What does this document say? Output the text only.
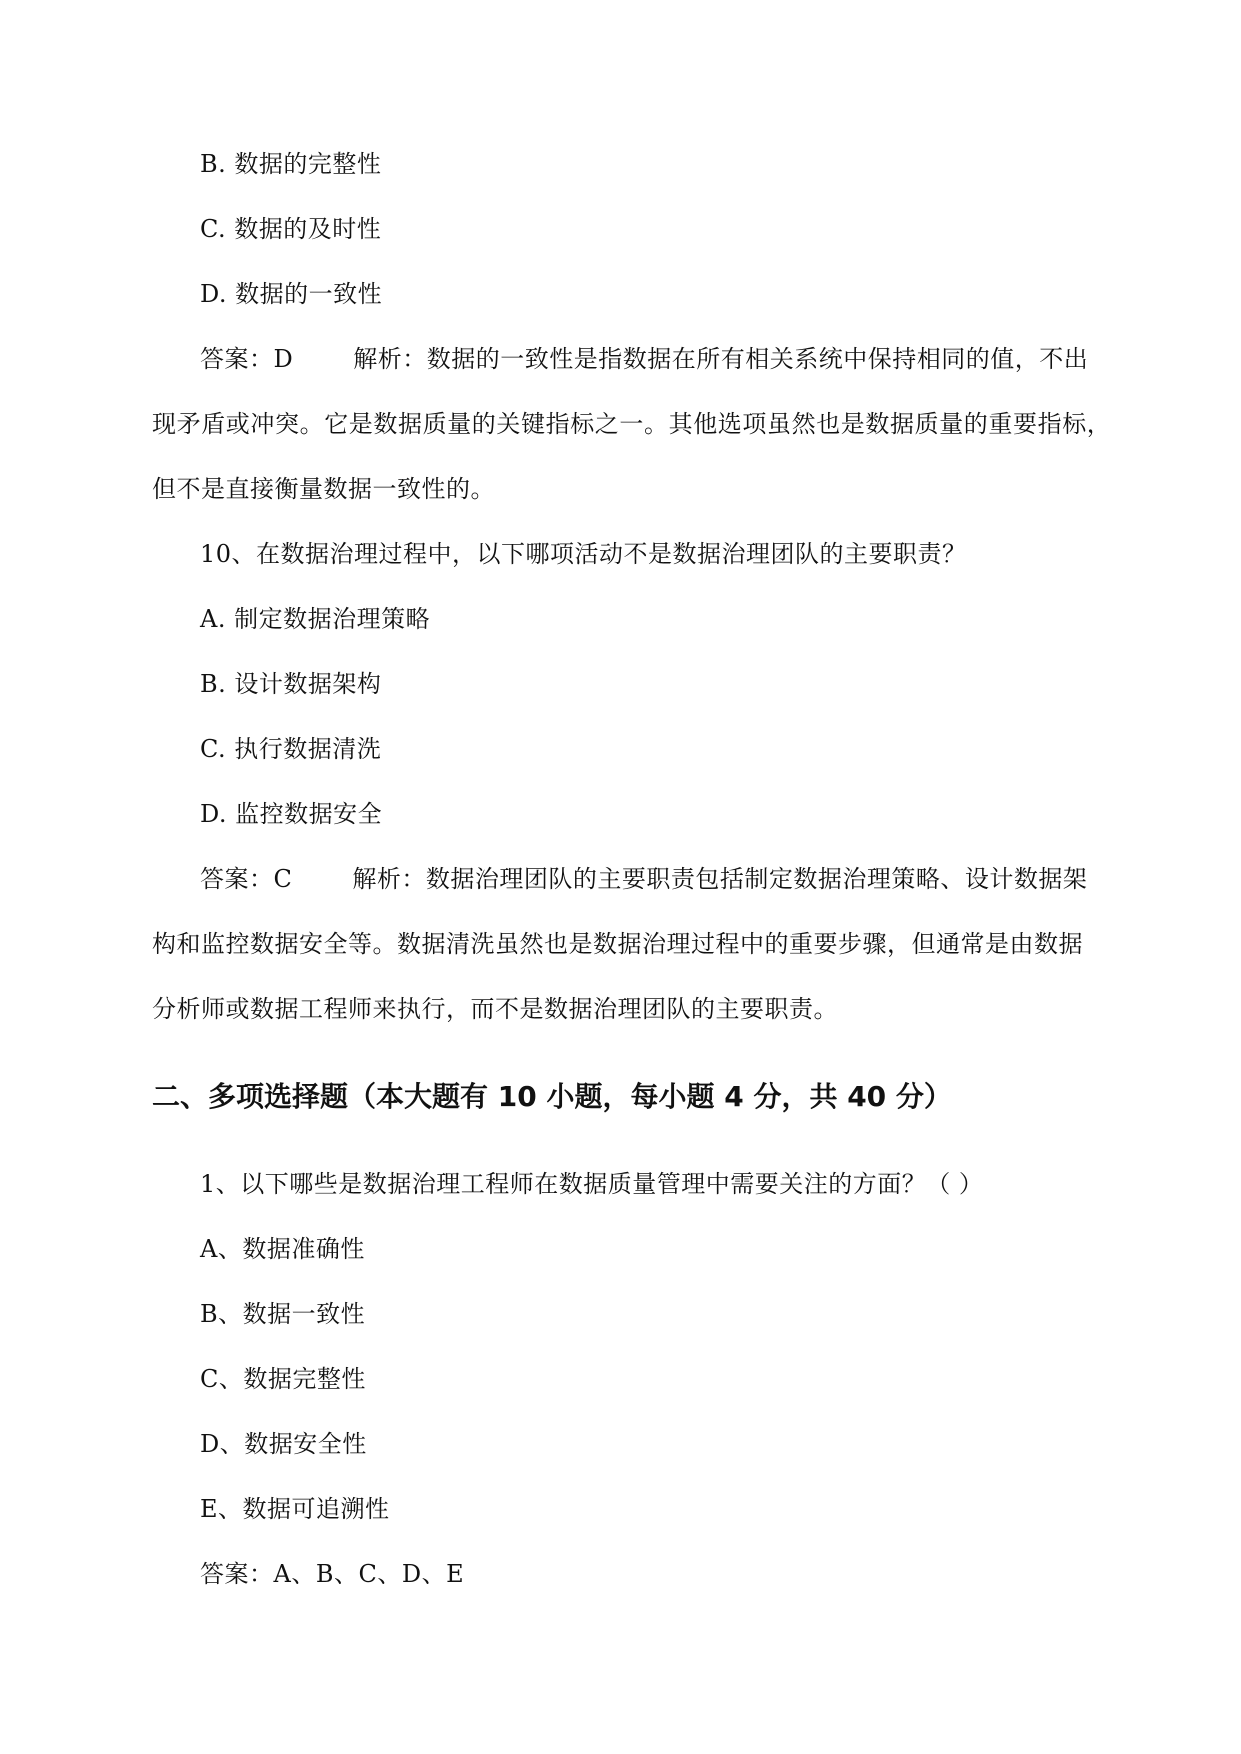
B. 数据的完整性
C. 数据的及时性
D. 数据的一致性
答案：D	解析：数据的一致性是指数据在所有相关系统中保持相同的值，不出
现矛盾或冲突。它是数据质量的关键指标之一。其他选项虽然也是数据质量的重要指标，
但不是直接衡量数据一致性的。
10、在数据治理过程中，以下哪项活动不是数据治理团队的主要职责？
A. 制定数据治理策略
B. 设计数据架构
C. 执行数据清洗
D. 监控数据安全
答案：C	解析：数据治理团队的主要职责包括制定数据治理策略、设计数据架
构和监控数据安全等。数据清洗虽然也是数据治理过程中的重要步骤，但通常是由数据
分析师或数据工程师来执行，而不是数据治理团队的主要职责。
二、多项选择题（本大题有 10 小题，每小题 4 分，共 40 分）
1、以下哪些是数据治理工程师在数据质量管理中需要关注的方面？（ ）
A、数据准确性
B、数据一致性
C、数据完整性
D、数据安全性
E、数据可追溯性
答案：A、B、C、D、E
